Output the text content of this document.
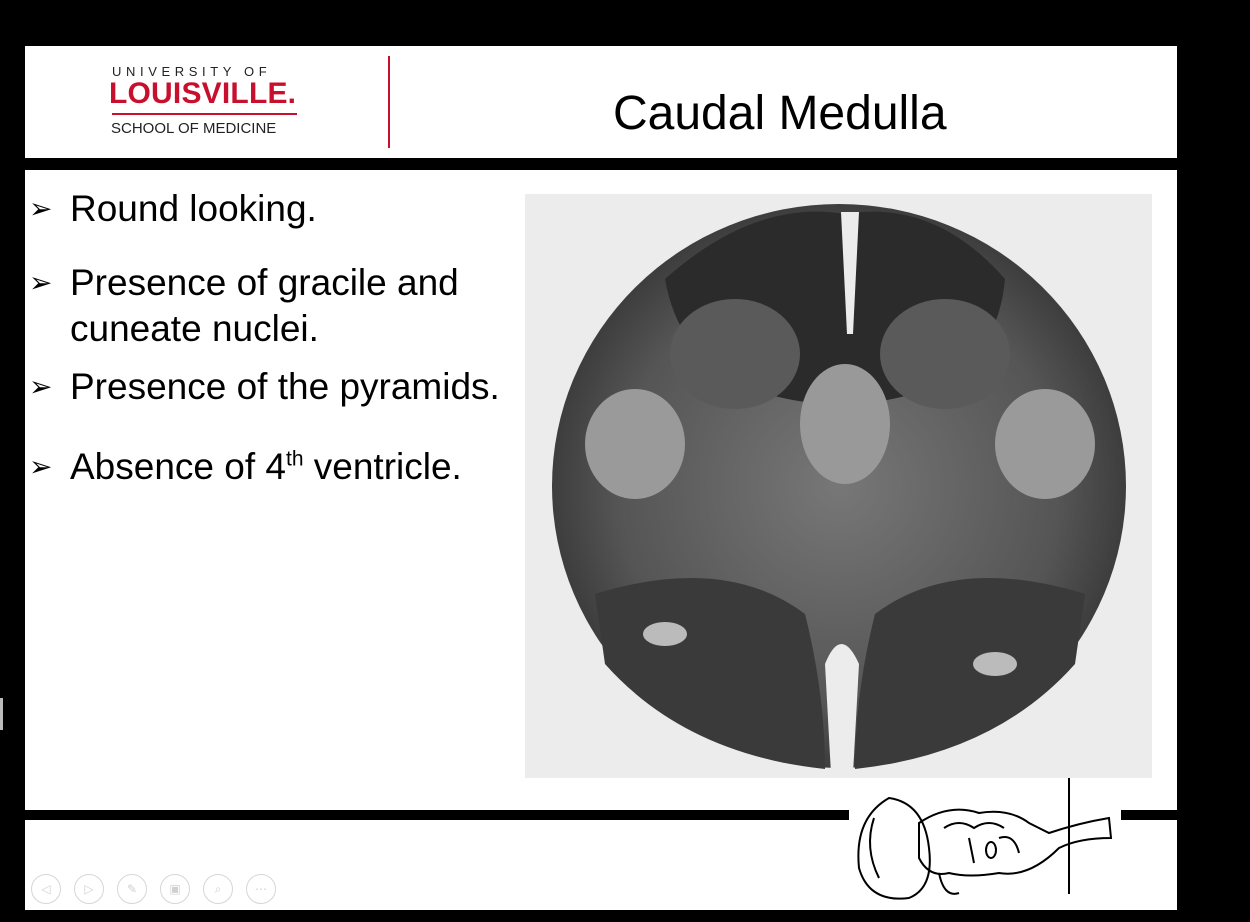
UNIVERSITY OF
LOUISVILLE.
SCHOOL OF MEDICINE	Caudal Medulla
➢ Round looking.
➢ Presence of gracile and
cuneate nuclei.
➢ Presence of the pyramids.
➢ Absence of 4th ventricle.
◁	▷	✎	▣	⌕	⋯
